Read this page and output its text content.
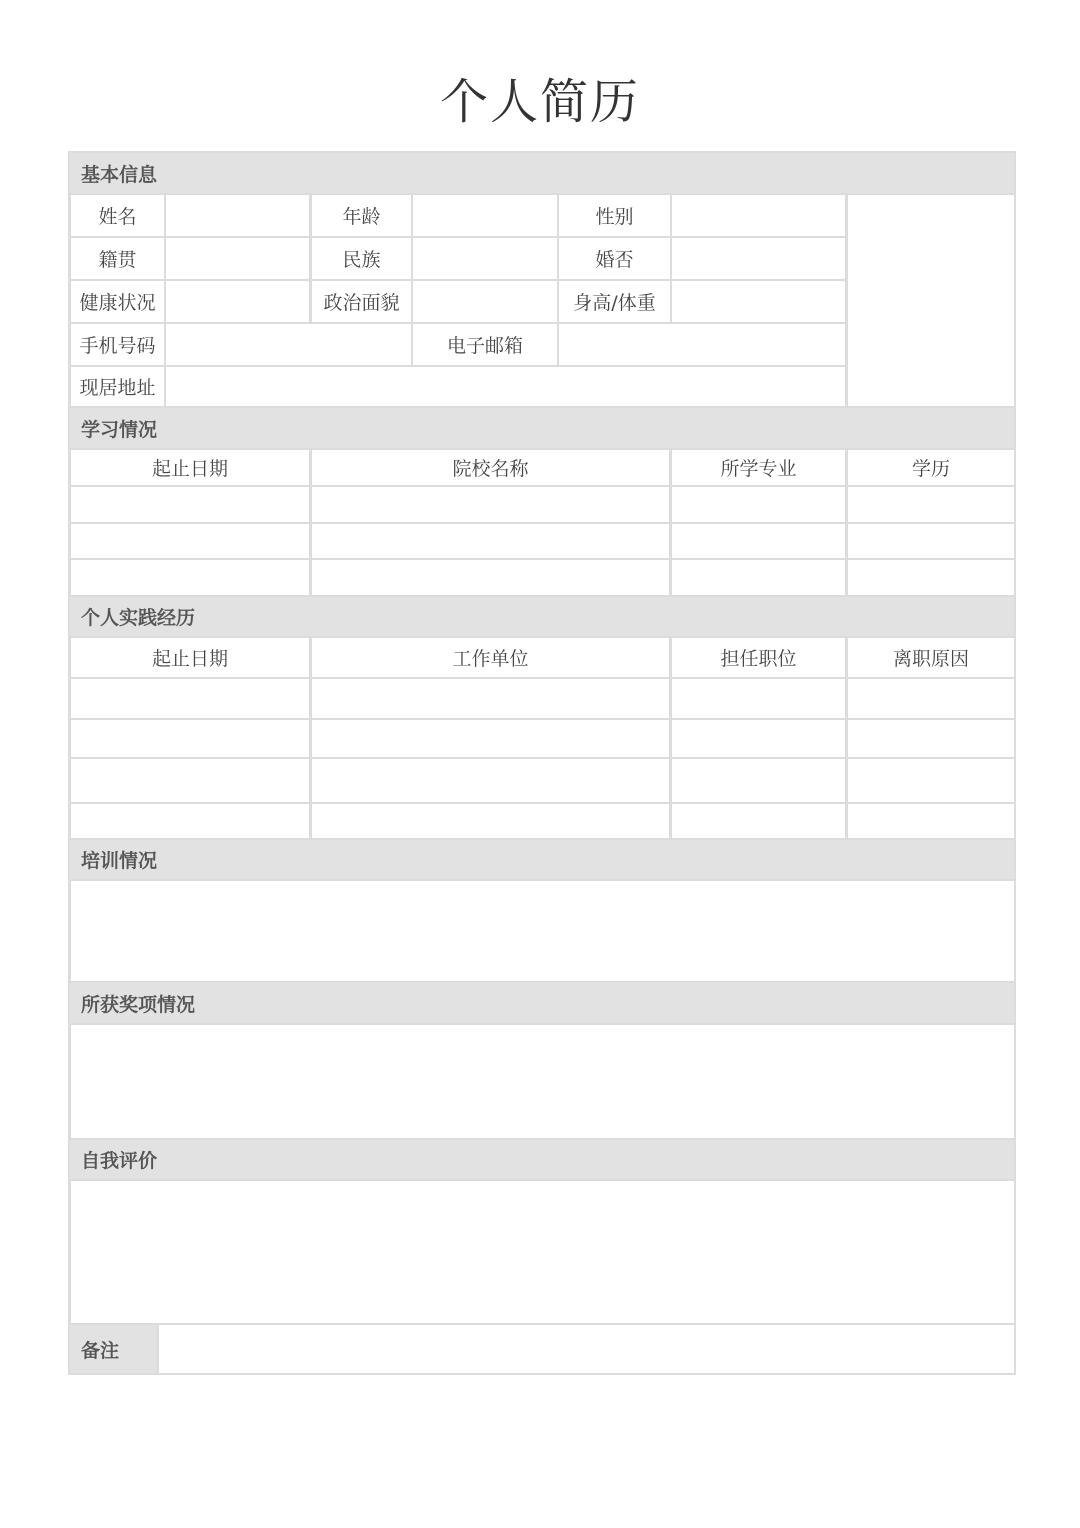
个人简历
基本信息
姓名	年龄	性别
籍贯	民族	婚否
健康状况	政治面貌	身高/体重
手机号码	电子邮箱
现居地址
学习情况
起止日期	院校名称	所学专业	学历
个人实践经历
起止日期	工作单位	担任职位	离职原因
培训情况
所获奖项情况
自我评价
备注
